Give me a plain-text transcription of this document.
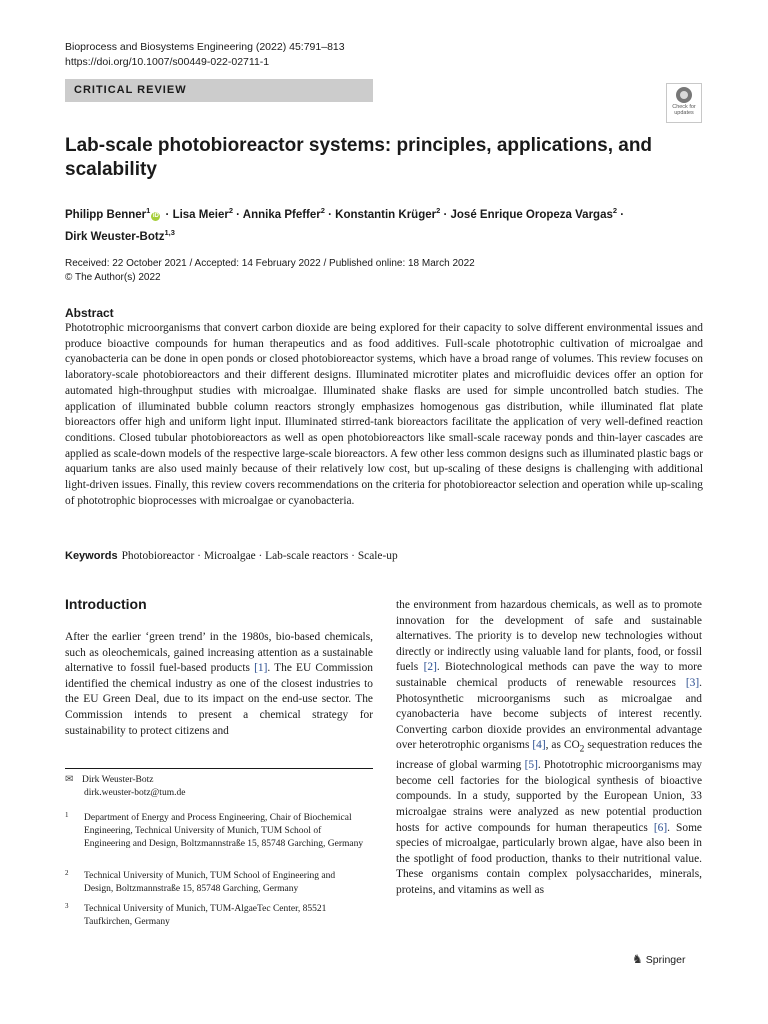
Bioprocess and Biosystems Engineering (2022) 45:791–813
https://doi.org/10.1007/s00449-022-02711-1
CRITICAL REVIEW
Check for updates
Lab-scale photobioreactor systems: principles, applications, and scalability
Philipp Benner$^1$iD · Lisa Meier$^2$ · Annika Pfeffer$^2$ · Konstantin Krüger$^2$ · José Enrique Oropeza Vargas$^2$ ·
Dirk Weuster-Botz$^{1,3}$
Received: 22 October 2021 / Accepted: 14 February 2022 / Published online: 18 March 2022
© The Author(s) 2022
Abstract
Phototrophic microorganisms that convert carbon dioxide are being explored for their capacity to solve different environmental issues and produce bioactive compounds for human therapeutics and as food additives. Full-scale phototrophic cultivation of microalgae and cyanobacteria can be done in open ponds or closed photobioreactor systems, which have a broad range of volumes. This review focuses on laboratory-scale photobioreactors and their different designs. Illuminated microtiter plates and microfluidic devices offer an option for automated high-throughput studies with microalgae. Illuminated shake flasks are used for simple uncontrolled batch studies. The application of illuminated bubble column reactors strongly emphasizes homogenous gas distribution, while illuminated flat plate bioreactors offer high and uniform light input. Illuminated stirred-tank bioreactors facilitate the application of very well-defined reaction conditions. Closed tubular photobioreactors as well as open photobioreactors like small-scale raceway ponds and thin-layer cascades are applied as scale-down models of the respective large-scale bioreactors. A few other less common designs such as illuminated plastic bags or aquarium tanks are also used mainly because of their relatively low cost, but up-scaling of these designs is challenging with additional light-driven issues. Finally, this review covers recommendations on the criteria for photobioreactor selection and operation while up-scaling of phototrophic bioprocesses with microalgae or cyanobacteria.
Keywords Photobioreactor · Microalgae · Lab-scale reactors · Scale-up
Introduction
After the earlier ‘green trend’ in the 1980s, bio-based chemicals, such as oleochemicals, gained increasing attention as a sustainable alternative to fossil fuel-based products [1]. The EU Commission identified the chemical industry as one of the closest industries to the EU Green Deal, due to its impact on the end-use sector. The Commission intends to present a chemical strategy for sustainability to protect citizens and
the environment from hazardous chemicals, as well as to promote innovation for the development of safe and sustainable alternatives. The priority is to develop new technologies without directly or indirectly using valuable land for plants, food, or fossil fuels [2]. Biotechnological methods can pave the way to more sustainable chemical products of renewable resources [3]. Photosynthetic microorganisms such as microalgae and cyanobacteria have become subjects of interest recently. Converting carbon dioxide provides an environmental advantage over heterotrophic organisms [4], as $CO_2$ sequestration reduces the increase of global warming [5]. Phototrophic microorganisms may become cell factories for the biological synthesis of bioactive compounds. In a study, supported by the European Union, 33 microalgae strains were analyzed as new potential production hosts for active compounds for human therapeutics [6]. Some species of microalgae, particularly brown algae, have also been in the spotlight of food production, thanks to their nutritional value. These organisms contain complex polysaccharides, minerals, proteins, and vitamins as well as
✉ Dirk Weuster-Botz
dirk.weuster-botz@tum.de
1	Department of Energy and Process Engineering, Chair of Biochemical Engineering, Technical University of Munich, TUM School of Engineering and Design, Boltzmannstraße 15, 85748 Garching, Germany
2	Technical University of Munich, TUM School of Engineering and Design, Boltzmannstraße 15, 85748 Garching, Germany
3	Technical University of Munich, TUM-AlgaeTec Center, 85521 Taufkirchen, Germany
♞ Springer
